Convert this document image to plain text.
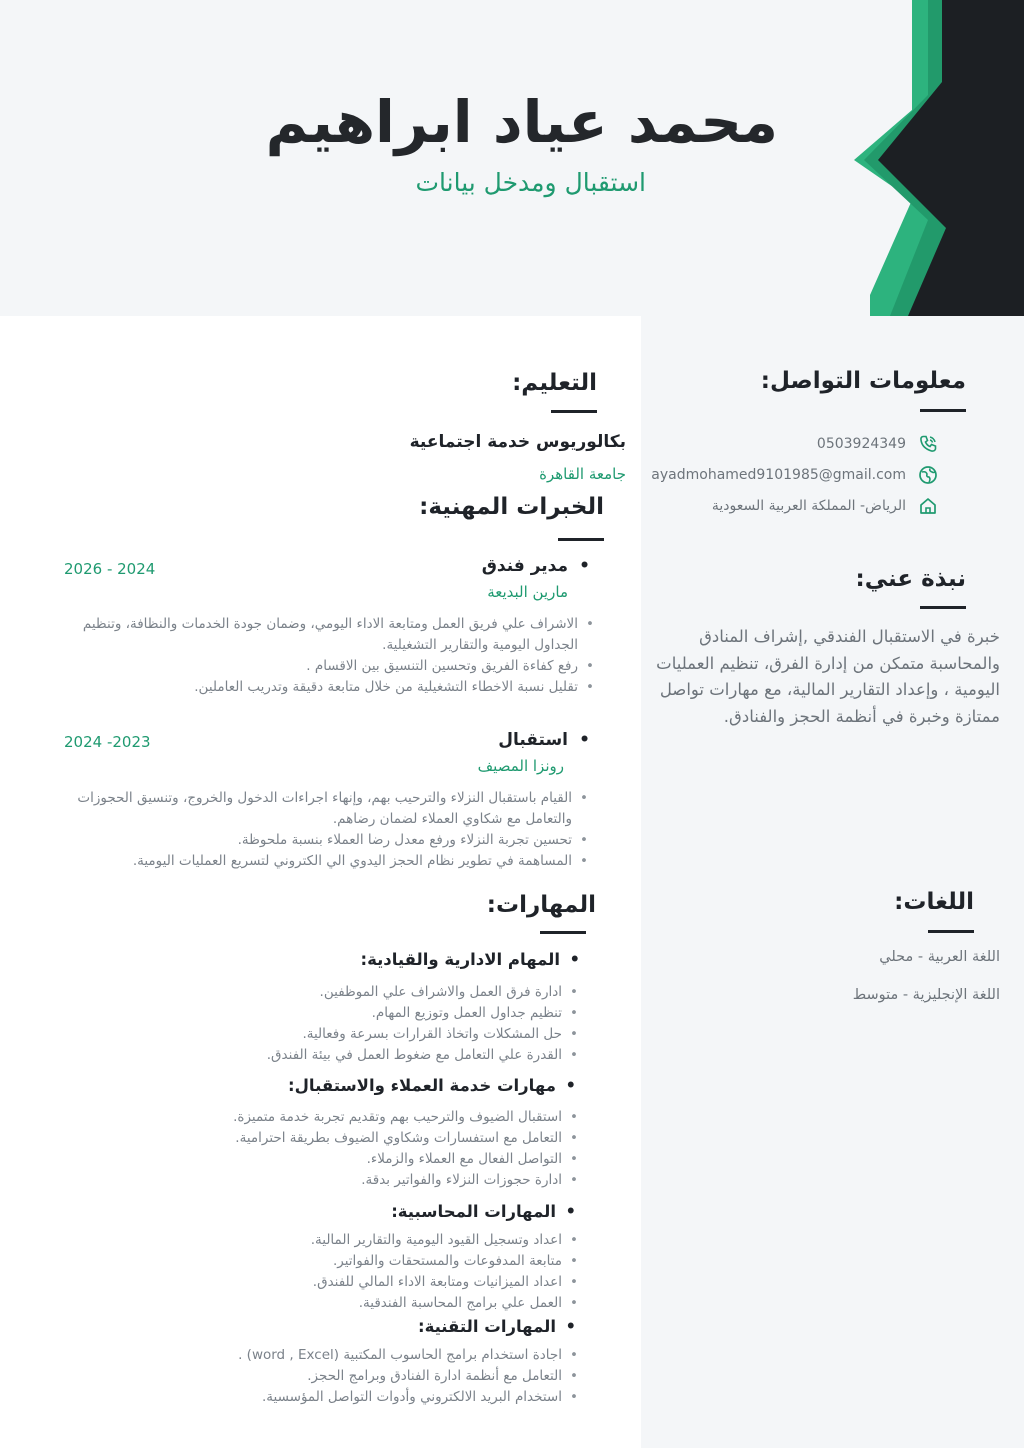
محمد عياد ابراهيم
استقبال ومدخل بيانات
معلومات التواصل:
0503924349
ayadmohamed9101985@gmail.com
الرياض- المملكة العربية السعودية
نبذة عني:
خبرة في الاستقبال الفندقي ,إشراف المنادق والمحاسبة متمكن من إدارة الفرق، تنظيم العمليات اليومية ، وإعداد التقارير المالية، مع مهارات تواصل ممتازة وخبرة في أنظمة الحجز والفنادق.
اللغات:
اللغة العربية - محلي
اللغة الإنجليزية - متوسط
التعليم:
بكالوريوس خدمة اجتماعية
جامعة القاهرة
الخبرات المهنية:
• مدير فندق
مارين البديعة
2026 - 2024
• الاشراف علي فريق العمل ومتابعة الاداء اليومي، وضمان جودة الخدمات والنظافة، وتنظيم الجداول اليومية والتقارير التشغيلية.
• رفع كفاءة الفريق وتحسين التنسيق بين الاقسام .
• تقليل نسبة الاخطاء التشغيلية من خلال متابعة دقيقة وتدريب العاملين.
• استقبال
رونزا المصيف
2024 -2023
• القيام باستقبال النزلاء والترحيب بهم، وإنهاء اجراءات الدخول والخروج، وتنسيق الحجوزات والتعامل مع شكاوي العملاء لضمان رضاهم.
• تحسين تجربة النزلاء ورفع معدل رضا العملاء بنسبة ملحوظة.
• المساهمة في تطوير نظام الحجز اليدوي الي الكتروني لتسريع العمليات اليومية.
المهارات:
• المهام الادارية والقيادية:
• ادارة فرق العمل والاشراف علي الموظفين.
• تنظيم جداول العمل وتوزيع المهام.
• حل المشكلات واتخاذ القرارات بسرعة وفعالية.
• القدرة علي التعامل مع ضغوط العمل في بيئة الفندق.
• مهارات خدمة العملاء والاستقبال:
• استقبال الضيوف والترحيب بهم وتقديم تجربة خدمة متميزة.
• التعامل مع استفسارات وشكاوي الضيوف بطريقة احترامية.
• التواصل الفعال مع العملاء والزملاء.
• ادارة حجوزات النزلاء والفواتير بدقة.
• المهارات المحاسبية:
• اعداد وتسجيل القيود اليومية والتقارير المالية.
• متابعة المدفوعات والمستحقات والفواتير.
• اعداد الميزانيات ومتابعة الاداء المالي للفندق.
• العمل علي برامج المحاسبة الفندقية.
• المهارات التقنية:
• اجادة استخدام برامج الحاسوب المكتبية (word , Excel) .
• التعامل مع أنظمة ادارة الفنادق وبرامج الحجز.
• استخدام البريد الالكتروني وأدوات التواصل المؤسسية.
